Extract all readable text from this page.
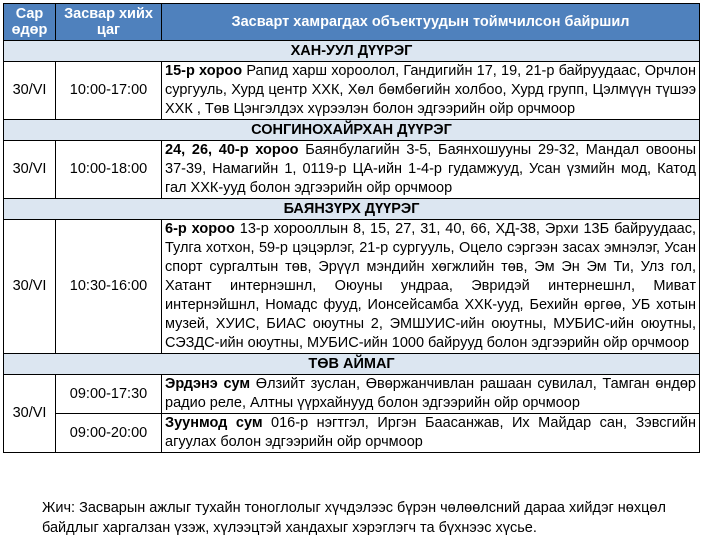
Сар өдөр	Засвар хийх цаг	Засварт хамрагдах объектуудын тоймчилсон байршил
ХАН-УУЛ ДҮҮРЭГ		
30/VI	10:00-17:00	15-р хороо Рапид харш хороолол, Гандигийн 17, 19, 21-р байруудаас, Орчлон сургууль, Хурд центр ХХК, Хөл бөмбөгийн холбоо, Хурд групп, Цэлмүүн түшээ ХХК , Төв Цэнгэлдэх хүрээлэн болон эдгээрийн ойр орчмоор
СОНГИНОХАЙРХАН ДҮҮРЭГ		
30/VI	10:00-18:00	24, 26, 40-р хороо Баянбулагийн 3-5, Баянхошууны 29-32, Мандал овооны 37-39, Намагийн 1, 0119-р ЦА-ийн 1-4-р гудамжууд, Усан үзмийн мод, Катод гал ХХК-ууд болон эдгээрийн ойр орчмоор
БАЯНЗҮРХ ДҮҮРЭГ		
30/VI	10:30-16:00	6-р хороо 13-р хорооллын 8, 15, 27, 31, 40, 66, ХД-38, Эрхи 13Б байруудаас, Тулга хотхон, 59-р цэцэрлэг, 21-р сургууль, Оцело сэргээн засах эмнэлэг, Усан спорт сургалтын төв, Эрүүл мэндийн хөгжлийн төв, Эм Эн Эм Ти, Улз гол, Хатант интернэшнл, Оюуны ундраа, Эвридэй интернешнл, Мивaт интернэйшнл, Номадс фууд, Ионсейсамба ХХК-ууд, Бехийн өргөө, УБ хотын музей, ХУИС, БИАС оюутны 2, ЭМШУИС-ийн оюутны, МУБИС-ийн оюутны, СЭЗДС-ийн оюутны, МУБИС-ийн 1000 байрууд болон эдгээрийн ойр орчмоор
ТӨВ АЙМАГ		
30/VI	09:00-17:30	Эрдэнэ сум Өлзийт зуслан, Өвөржанчивлан рашаан сувилал, Тамган өндөр радио реле, Алтны үүрхайнууд болон эдгээрийн ойр орчмоор
	09:00-20:00	Зуунмод сум 016-р нэгтгэл, Иргэн Баасанжав, Их Майдар сан, Зэвсгийн агуулах болон эдгээрийн ойр орчмоор
Жич: Засварын ажлыг тухайн тоноглолыг хүчдэлээс бүрэн чөлөөлсний дараа хийдэг нөхцөл байдлыг харгалзан үзэж, хүлээцтэй хандахыг хэрэглэгч та бүхнээс хүсье.
